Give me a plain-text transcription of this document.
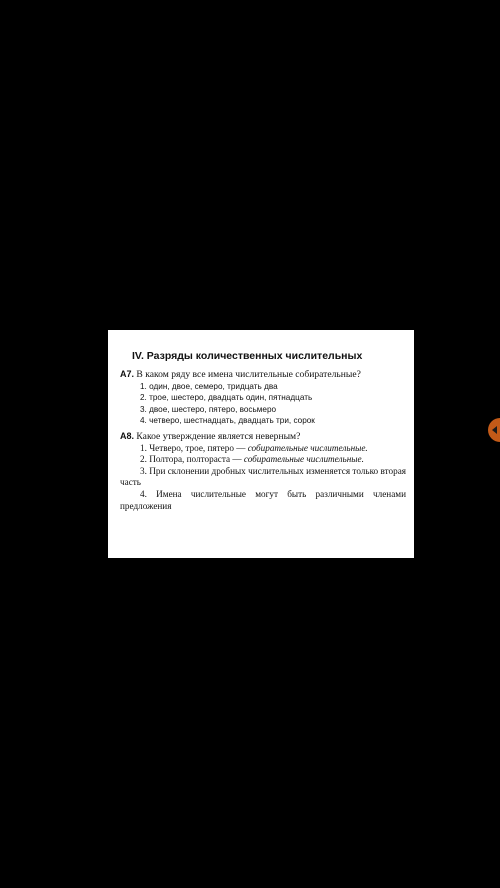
IV. Разряды количественных числительных
А7. В каком ряду все имена числительные собирательные?
1. один, двое, семеро, тридцать два
2. трое, шестеро, двадцать один, пятнадцать
3. двое, шестеро, пятеро, восьмеро
4. четверо, шестнадцать, двадцать три, сорок
А8. Какое утверждение является неверным?
1. Четверо, трое, пятеро — собирательные числительные.
2. Полтора, полтораста — собирательные числительные.
3. При склонении дробных числительных изменяется только вторая часть
4. Имена числительные могут быть различными членами предложения
